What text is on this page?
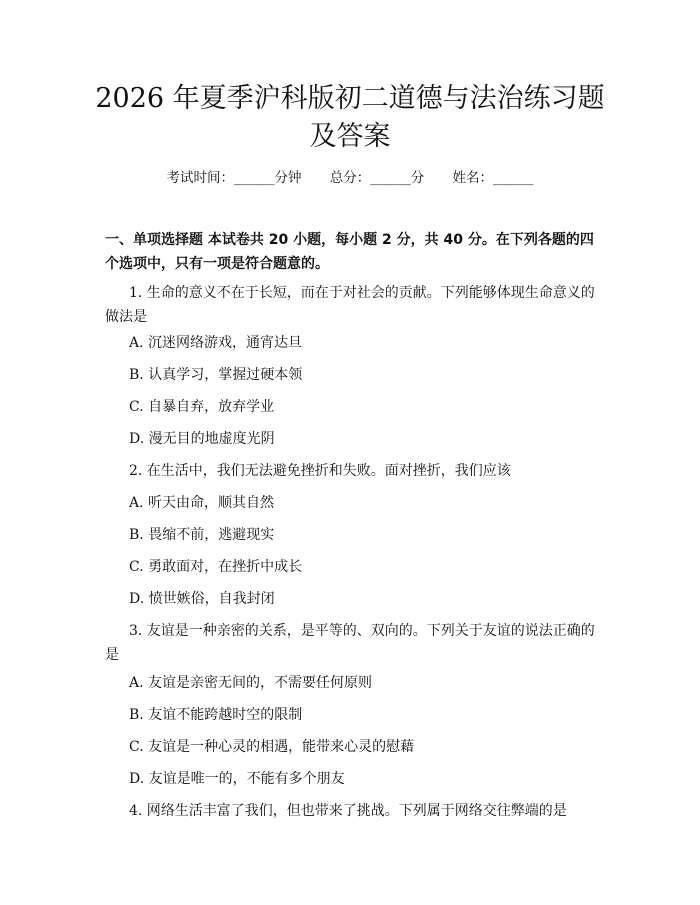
2026 年夏季沪科版初二道德与法治练习题及答案
考试时间：______分钟 总分：______分 姓名：______

一、单项选择题 本试卷共 20 小题，每小题 2 分，共 40 分。在下列各题的四个选项中，只有一项是符合题意的。

1. 生命的意义不在于长短，而在于对社会的贡献。下列能够体现生命意义的做法是

A. 沉迷网络游戏，通宵达旦

B. 认真学习，掌握过硬本领

C. 自暴自弃，放弃学业

D. 漫无目的地虚度光阴

2. 在生活中，我们无法避免挫折和失败。面对挫折，我们应该

A. 听天由命，顺其自然

B. 畏缩不前，逃避现实

C. 勇敢面对，在挫折中成长

D. 愤世嫉俗，自我封闭

3. 友谊是一种亲密的关系，是平等的、双向的。下列关于友谊的说法正确的是

A. 友谊是亲密无间的，不需要任何原则

B. 友谊不能跨越时空的限制

C. 友谊是一种心灵的相遇，能带来心灵的慰藉

D. 友谊是唯一的，不能有多个朋友

4. 网络生活丰富了我们，但也带来了挑战。下列属于网络交往弊端的是
